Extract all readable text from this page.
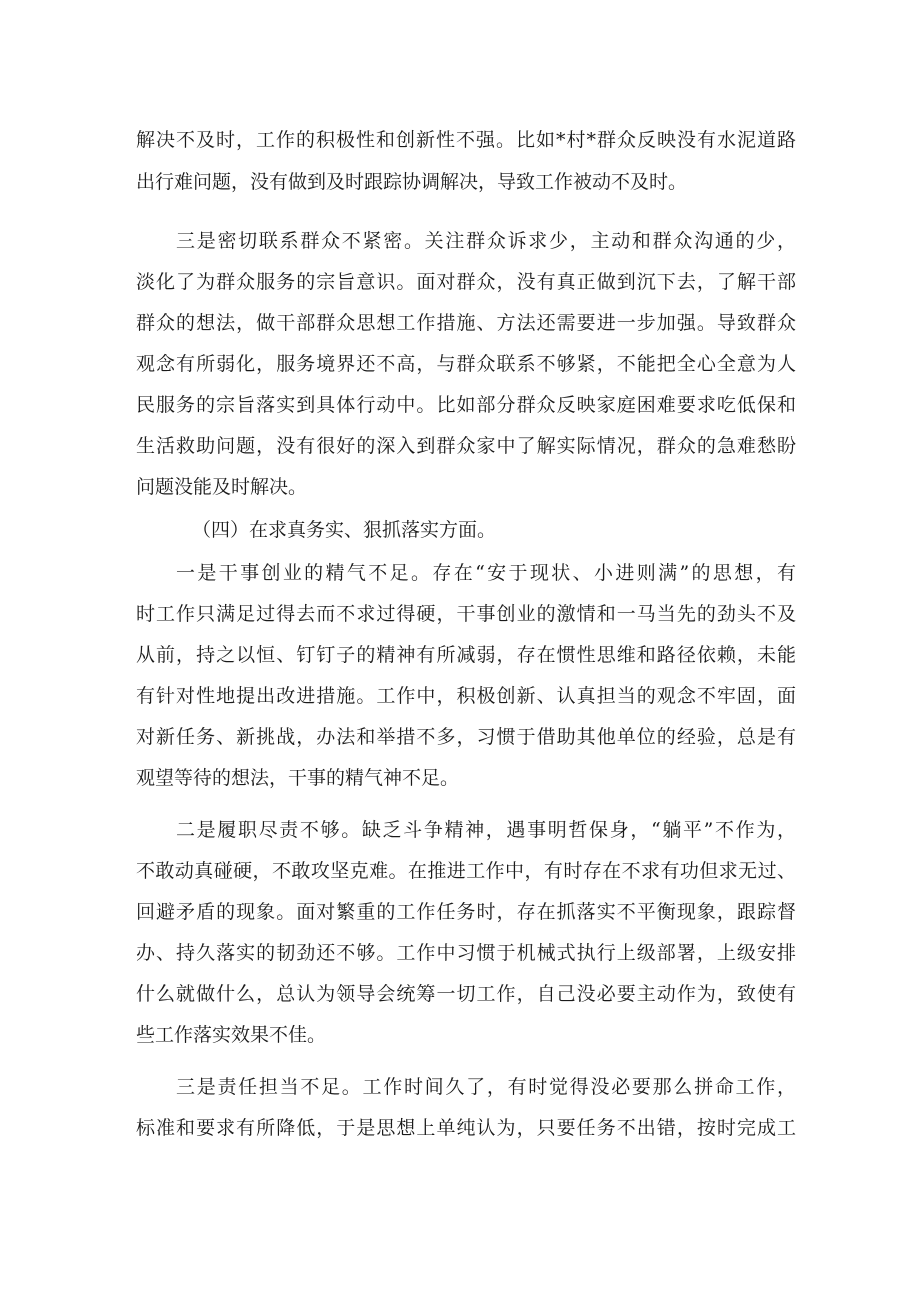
解决不及时，工作的积极性和创新性不强。比如*村*群众反映没有水泥道路
出行难问题，没有做到及时跟踪协调解决，导致工作被动不及时。
三是密切联系群众不紧密。关注群众诉求少，主动和群众沟通的少，
淡化了为群众服务的宗旨意识。面对群众，没有真正做到沉下去，了解干部
群众的想法，做干部群众思想工作措施、方法还需要进一步加强。导致群众
观念有所弱化，服务境界还不高，与群众联系不够紧，不能把全心全意为人
民服务的宗旨落实到具体行动中。比如部分群众反映家庭困难要求吃低保和
生活救助问题，没有很好的深入到群众家中了解实际情况，群众的急难愁盼
问题没能及时解决。
（四）在求真务实、狠抓落实方面。
一是干事创业的精气不足。存在“安于现状、小进则满”的思想，有
时工作只满足过得去而不求过得硬，干事创业的激情和一马当先的劲头不及
从前，持之以恒、钉钉子的精神有所减弱，存在惯性思维和路径依赖，未能
有针对性地提出改进措施。工作中，积极创新、认真担当的观念不牢固，面
对新任务、新挑战，办法和举措不多，习惯于借助其他单位的经验，总是有
观望等待的想法，干事的精气神不足。
二是履职尽责不够。缺乏斗争精神，遇事明哲保身，“躺平”不作为，
不敢动真碰硬，不敢攻坚克难。在推进工作中，有时存在不求有功但求无过、
回避矛盾的现象。面对繁重的工作任务时，存在抓落实不平衡现象，跟踪督
办、持久落实的韧劲还不够。工作中习惯于机械式执行上级部署，上级安排
什么就做什么，总认为领导会统筹一切工作，自己没必要主动作为，致使有
些工作落实效果不佳。
三是责任担当不足。工作时间久了，有时觉得没必要那么拼命工作，
标准和要求有所降低，于是思想上单纯认为，只要任务不出错，按时完成工
